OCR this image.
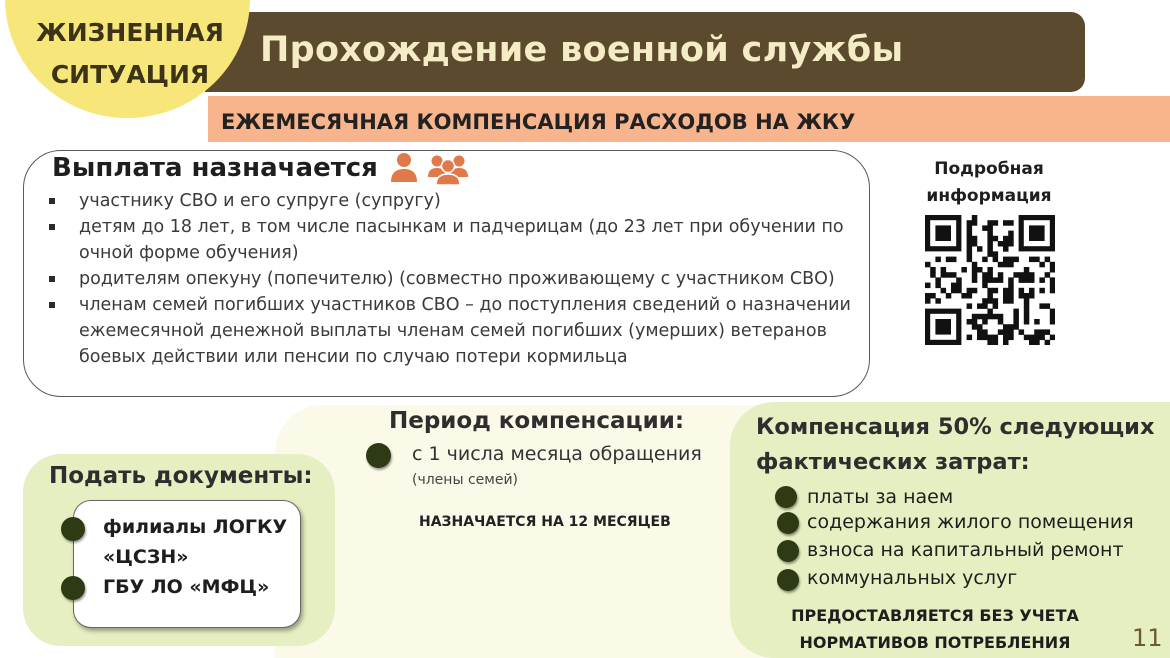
Прохождение военной службы
ЖИЗНЕННАЯ
СИТУАЦИЯ
ЕЖЕМЕСЯЧНАЯ КОМПЕНСАЦИЯ РАСХОДОВ НА ЖКУ
Выплата назначается
участнику СВО и его супруге (супругу)
детям до 18 лет, в том числе пасынкам и падчерицам (до 23 лет при обучении по очной форме обучения)
родителям опекуну (попечителю) (совместно проживающему с участником СВО)
членам семей погибших участников СВО – до поступления сведений о назначении ежемесячной денежной выплаты членам семей погибших (умерших) ветеранов боевых действии или пенсии по случаю потери кормильца
Подробная
информация
Подать документы:
филиалы ЛОГКУ «ЦСЗН»
ГБУ ЛО «МФЦ»
Период компенсации:
с 1 числа месяца обращения
(члены семей)
НАЗНАЧАЕТСЯ НА 12 МЕСЯЦЕВ
Компенсация 50% следующих фактических затрат:
платы за наем
содержания жилого помещения
взноса на капитальный ремонт
коммунальных услуг
ПРЕДОСТАВЛЯЕТСЯ БЕЗ УЧЕТА НОРМАТИВОВ ПОТРЕБЛЕНИЯ	11
